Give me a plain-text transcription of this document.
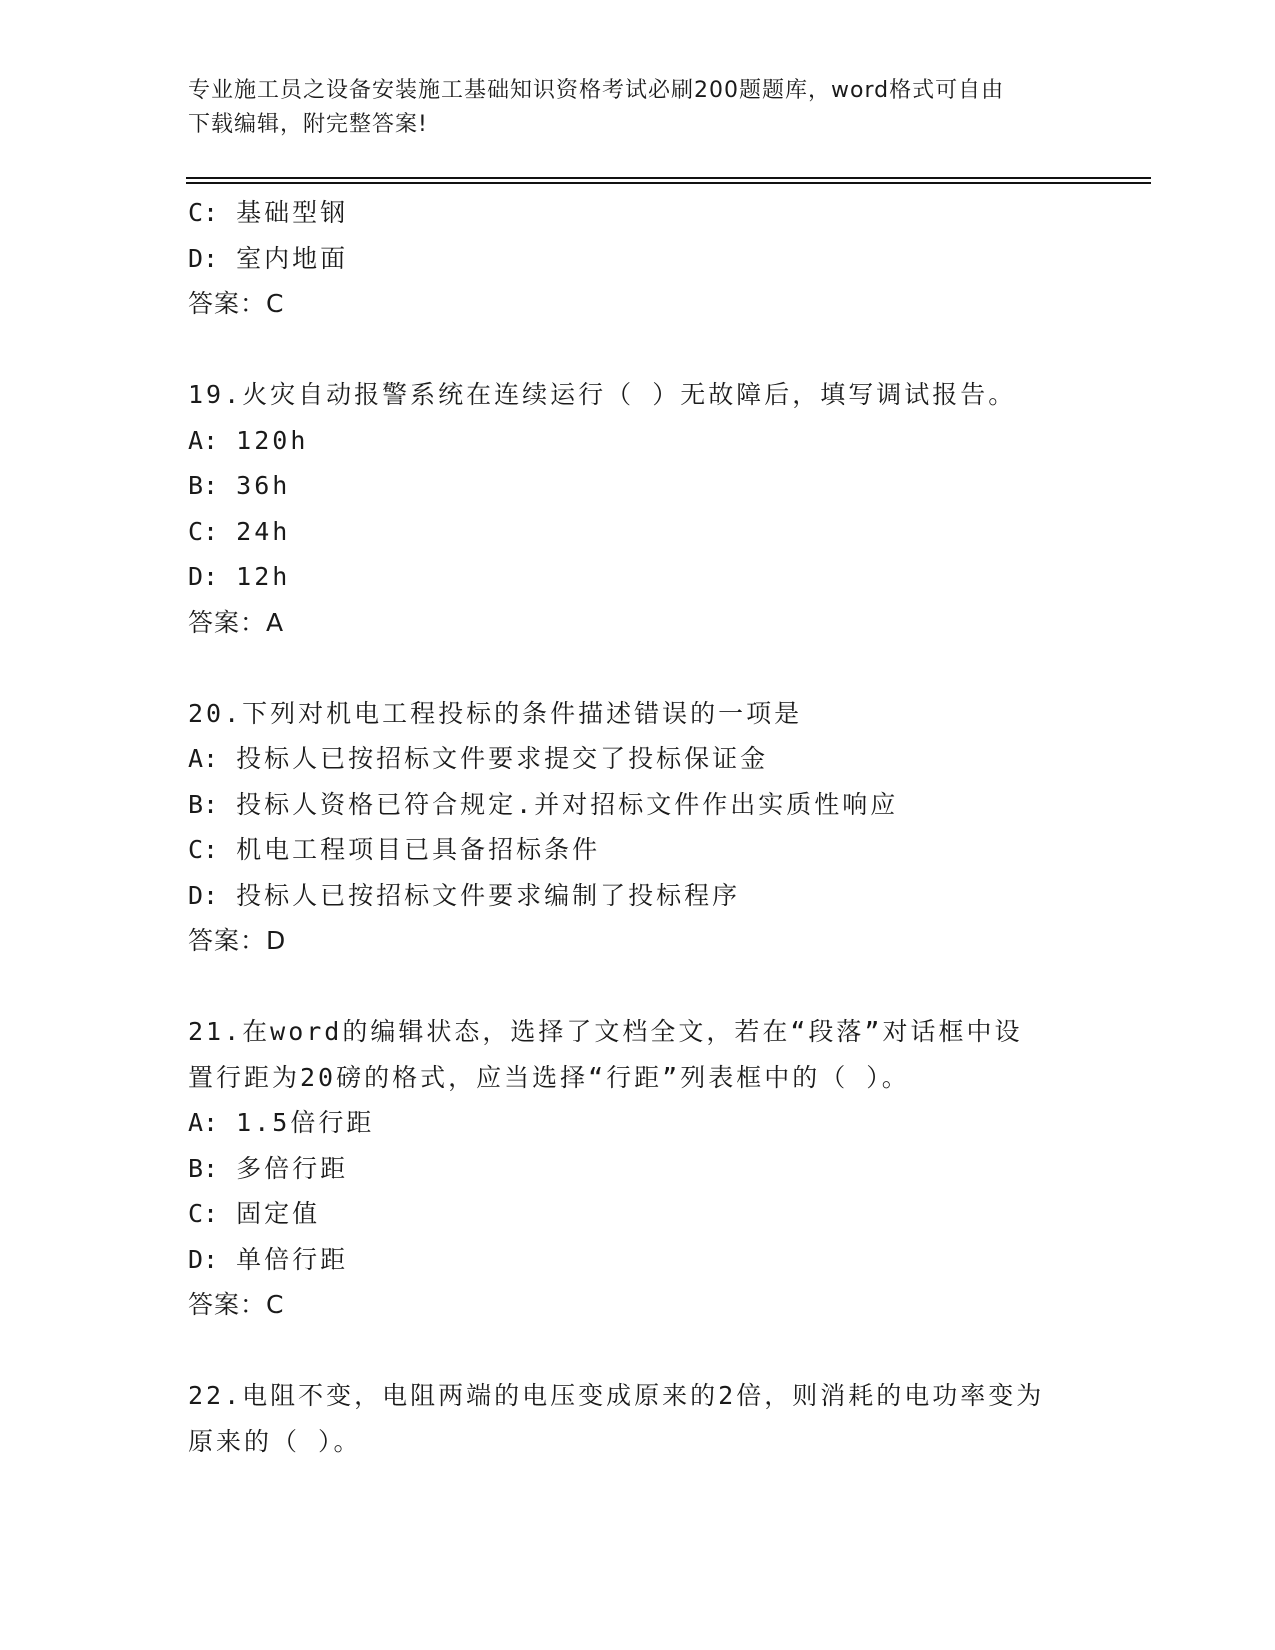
专业施工员之设备安装施工基础知识资格考试必刷200题题库，word格式可自由
下载编辑，附完整答案!
C: 基础型钢
D: 室内地面
答案：C
19.火灾自动报警系统在连续运行（ ）无故障后，填写调试报告。
A: 120h
B: 36h
C: 24h
D: 12h
答案：A
20.下列对机电工程投标的条件描述错误的一项是
A: 投标人已按招标文件要求提交了投标保证金
B: 投标人资格已符合规定.并对招标文件作出实质性响应
C: 机电工程项目已具备招标条件
D: 投标人已按招标文件要求编制了投标程序
答案：D
21.在word的编辑状态，选择了文档全文，若在“段落”对话框中设
置行距为20磅的格式，应当选择“行距”列表框中的（ ）。
A: 1.5倍行距
B: 多倍行距
C: 固定值
D: 单倍行距
答案：C
22.电阻不变，电阻两端的电压变成原来的2倍，则消耗的电功率变为
原来的（ ）。
